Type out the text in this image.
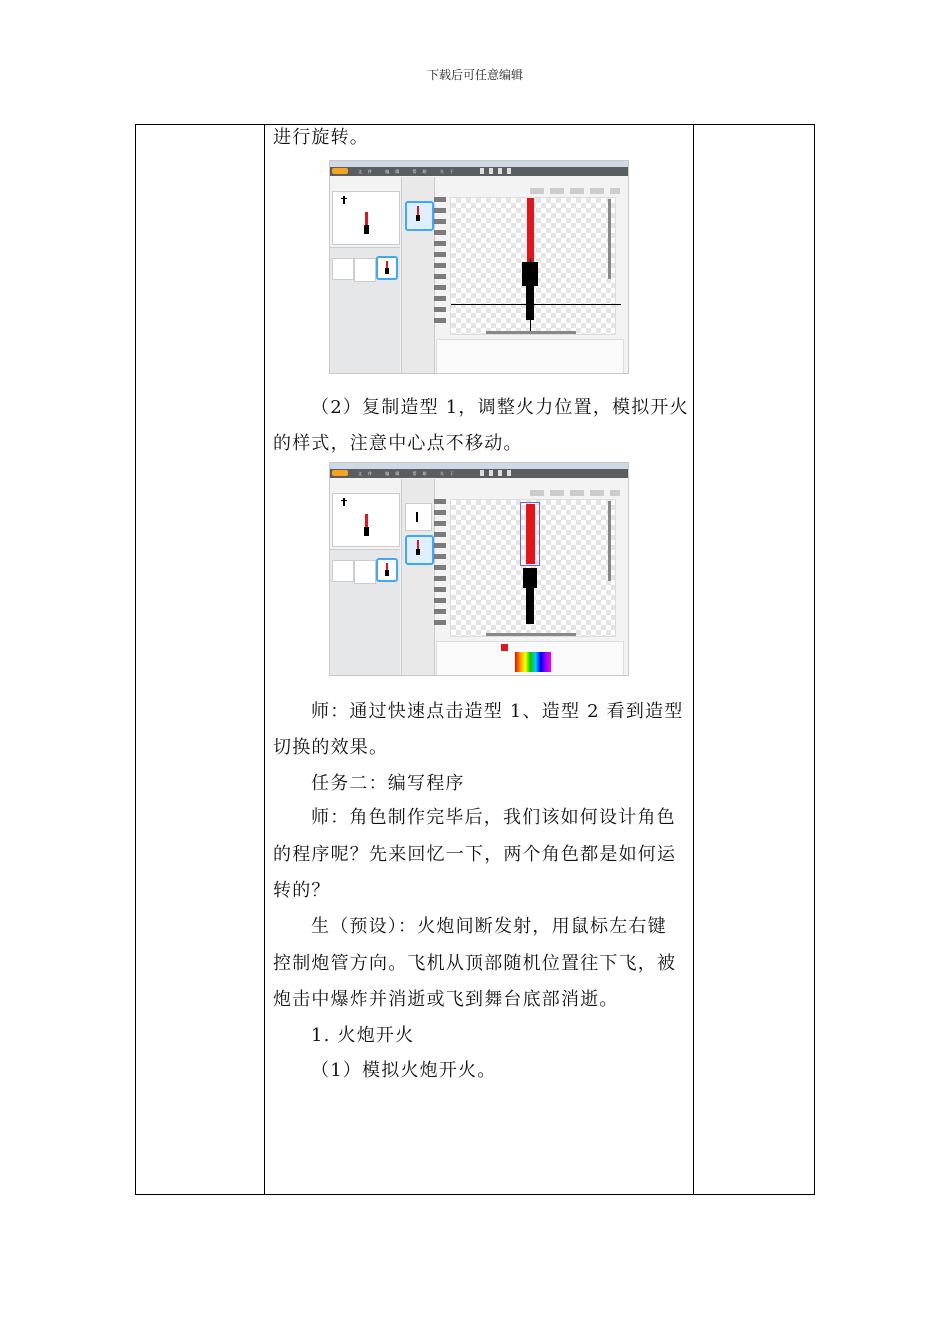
下载后可任意编辑

进行旋转。

文件 编辑 帮助 关于

（2）复制造型 1，调整火力位置，模拟开火

的样式，注意中心点不移动。

文件 编辑 帮助 关于

师：通过快速点击造型 1、造型 2 看到造型

切换的效果。

任务二：编写程序

师：角色制作完毕后，我们该如何设计角色

的程序呢？先来回忆一下，两个角色都是如何运

转的？

生（预设）：火炮间断发射，用鼠标左右键

控制炮管方向。飞机从顶部随机位置往下飞，被

炮击中爆炸并消逝或飞到舞台底部消逝。

1. 火炮开火

（1）模拟火炮开火。
